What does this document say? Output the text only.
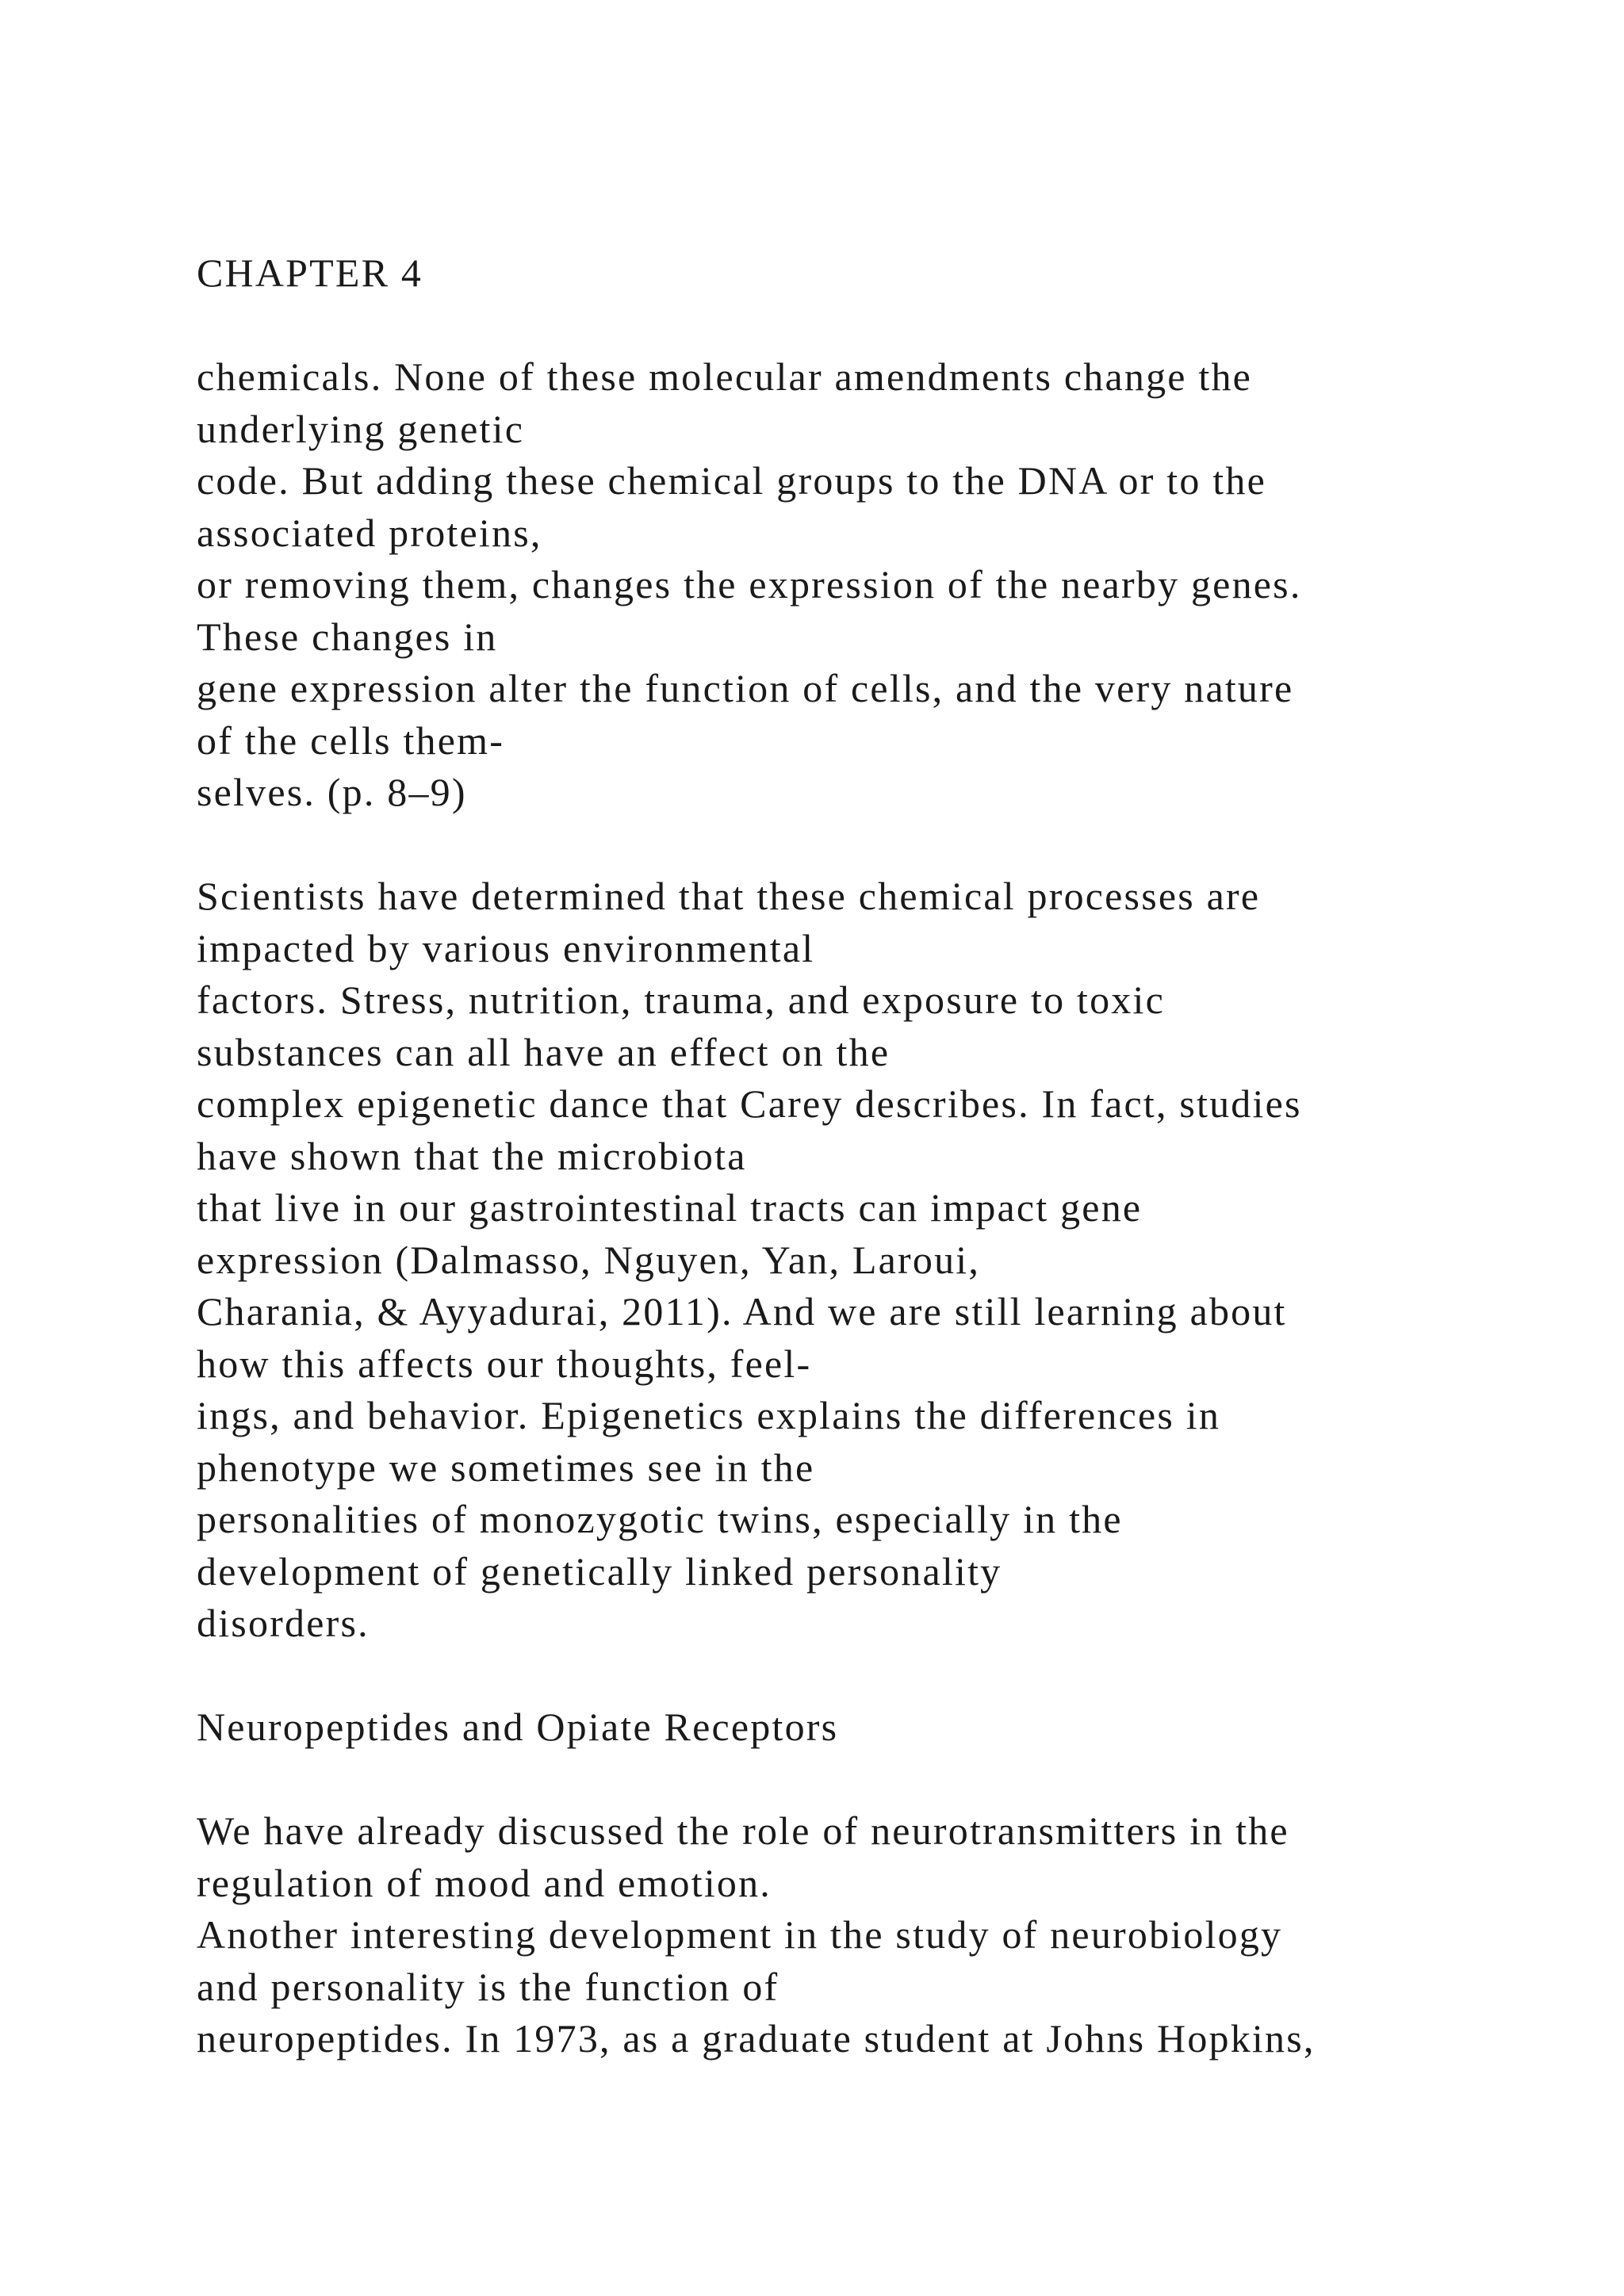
CHAPTER 4
chemicals. None of these molecular amendments change the
underlying genetic
code. But adding these chemical groups to the DNA or to the
associated proteins,
or removing them, changes the expression of the nearby genes.
These changes in
gene expression alter the function of cells, and the very nature
of the cells them-
selves. (p. 8–9)
Scientists have determined that these chemical processes are
impacted by various environmental
factors. Stress, nutrition, trauma, and exposure to toxic
substances can all have an effect on the
complex epigenetic dance that Carey describes. In fact, studies
have shown that the microbiota
that live in our gastrointestinal tracts can impact gene
expression (Dalmasso, Nguyen, Yan, Laroui,
Charania, & Ayyadurai, 2011). And we are still learning about
how this affects our thoughts, feel-
ings, and behavior. Epigenetics explains the differences in
phenotype we sometimes see in the
personalities of monozygotic twins, especially in the
development of genetically linked personality
disorders.
Neuropeptides and Opiate Receptors
We have already discussed the role of neurotransmitters in the
regulation of mood and emotion.
Another interesting development in the study of neurobiology
and personality is the function of
neuropeptides. In 1973, as a graduate student at Johns Hopkins,
